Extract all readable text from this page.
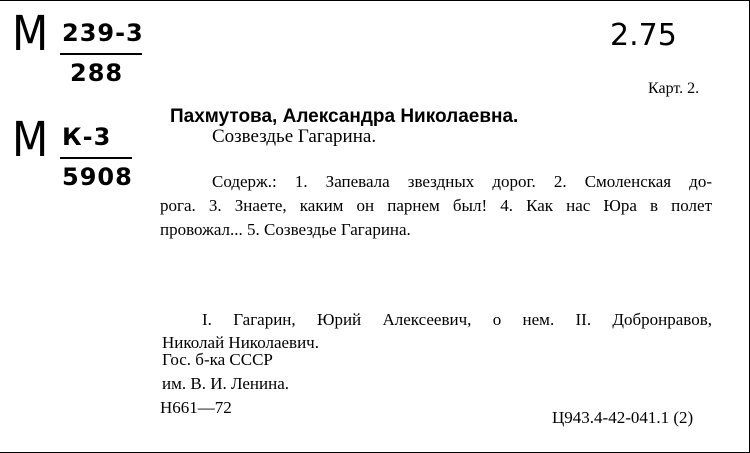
М 239-3
288
М К-3
5908
2.75
Карт. 2.
Пахмутова, Александра Николаевна.
Созвездье Гагарина.
Содерж.: 1. Запевала звездных дорог. 2. Смоленская до-
рога. 3. Знаете, каким он парнем был! 4. Как нас Юра в полет
провожал... 5. Созвездье Гагарина.
I. Гагарин, Юрий Алексеевич, о нем. II. Добронравов,
Николай Николаевич.
Гос. б-ка СССР
им. В. И. Ленина.
Н661—72
Ц943.4-42-041.1 (2)
